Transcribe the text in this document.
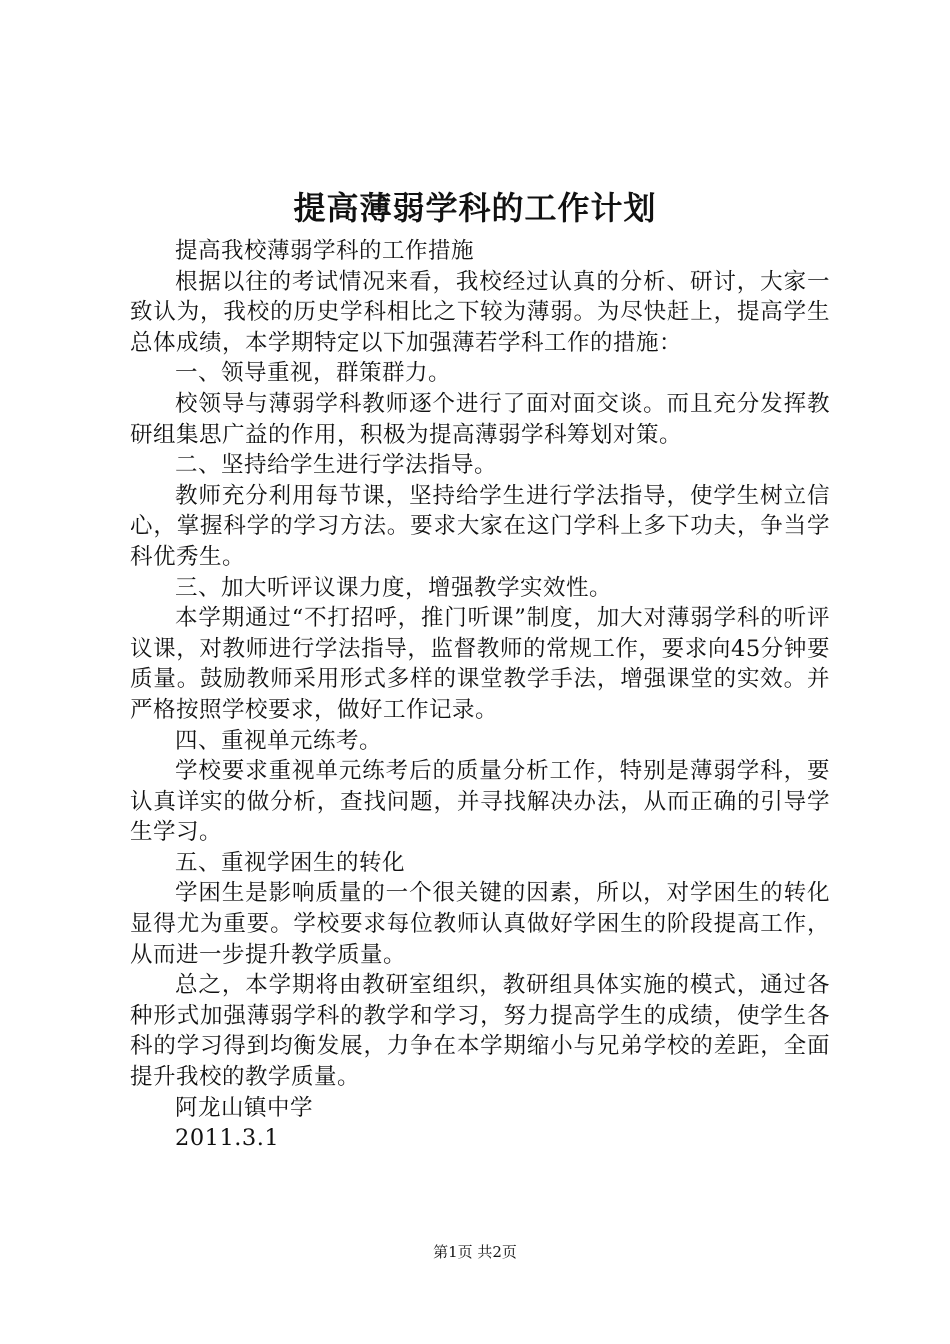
提高薄弱学科的工作计划

提高我校薄弱学科的工作措施

根据以往的考试情况来看，我校经过认真的分析、研讨，大家一致认为，我校的历史学科相比之下较为薄弱。为尽快赶上，提高学生总体成绩，本学期特定以下加强薄若学科工作的措施：

一、领导重视，群策群力。

校领导与薄弱学科教师逐个进行了面对面交谈。而且充分发挥教研组集思广益的作用，积极为提高薄弱学科筹划对策。

二、坚持给学生进行学法指导。

教师充分利用每节课，坚持给学生进行学法指导，使学生树立信心，掌握科学的学习方法。要求大家在这门学科上多下功夫，争当学科优秀生。

三、加大听评议课力度，增强教学实效性。

本学期通过“不打招呼，推门听课”制度，加大对薄弱学科的听评议课，对教师进行学法指导，监督教师的常规工作，要求向45分钟要质量。鼓励教师采用形式多样的课堂教学手法，增强课堂的实效。并严格按照学校要求，做好工作记录。

四、重视单元练考。

学校要求重视单元练考后的质量分析工作，特别是薄弱学科，要认真详实的做分析，查找问题，并寻找解决办法，从而正确的引导学生学习。

五、重视学困生的转化

学困生是影响质量的一个很关键的因素，所以，对学困生的转化显得尤为重要。学校要求每位教师认真做好学困生的阶段提高工作，从而进一步提升教学质量。

总之，本学期将由教研室组织，教研组具体实施的模式，通过各种形式加强薄弱学科的教学和学习，努力提高学生的成绩，使学生各科的学习得到均衡发展，力争在本学期缩小与兄弟学校的差距，全面提升我校的教学质量。

阿龙山镇中学

2011.3.1

第1页 共2页
